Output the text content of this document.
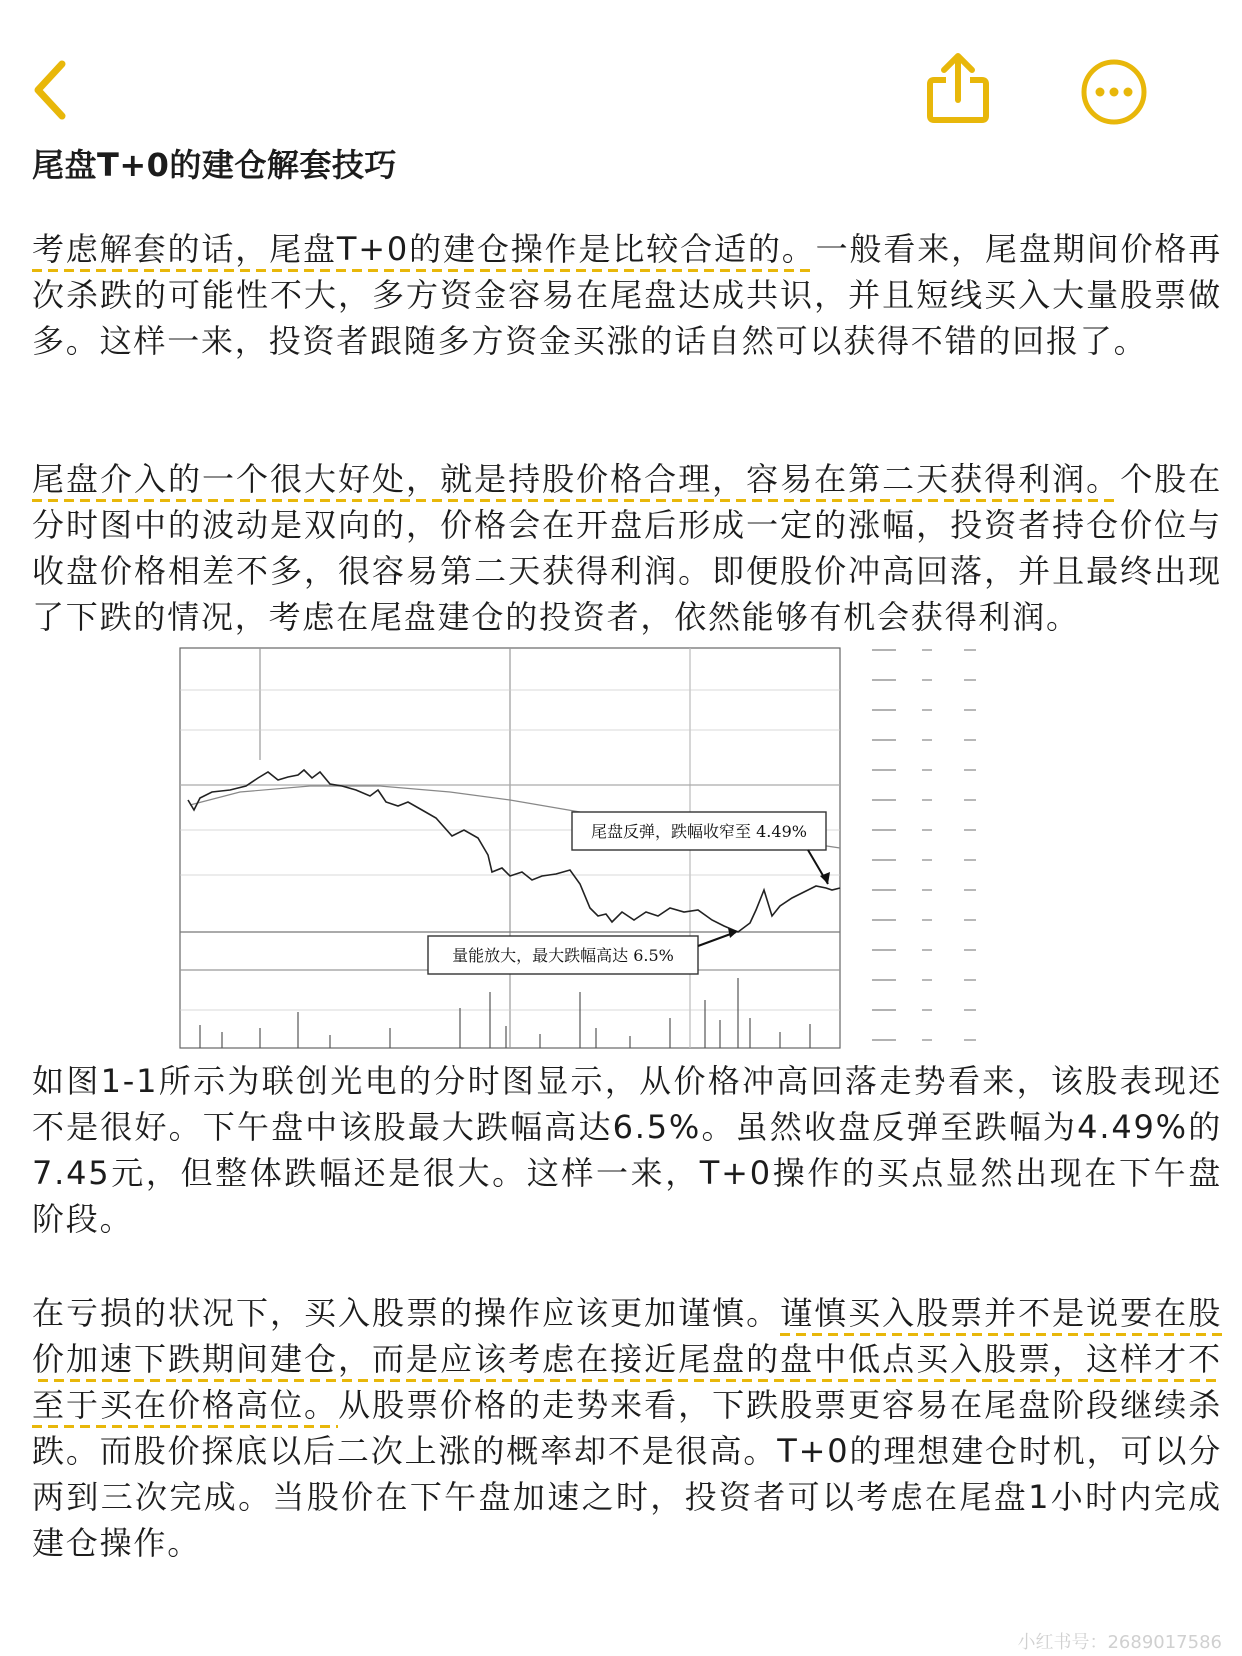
尾盘T+0的建仓解套技巧

考虑解套的话，尾盘T+0的建仓操作是比较合适的。一般看来，尾盘期间价格再次杀跌的可能性不大，多方资金容易在尾盘达成共识，并且短线买入大量股票做多。这样一来，投资者跟随多方资金买涨的话自然可以获得不错的回报了。

尾盘介入的一个很大好处，就是持股价格合理，容易在第二天获得利润。个股在分时图中的波动是双向的，价格会在开盘后形成一定的涨幅，投资者持仓价位与收盘价格相差不多，很容易第二天获得利润。即便股价冲高回落，并且最终出现了下跌的情况，考虑在尾盘建仓的投资者，依然能够有机会获得利润。

尾盘反弹，跌幅收窄至 4.49%
量能放大，最大跌幅高达 6.5%

如图1-1所示为联创光电的分时图显示，从价格冲高回落走势看来，该股表现还不是很好。下午盘中该股最大跌幅高达6.5%。虽然收盘反弹至跌幅为4.49%的7.45元，但整体跌幅还是很大。这样一来，T+0操作的买点显然出现在下午盘阶段。

在亏损的状况下，买入股票的操作应该更加谨慎。谨慎买入股票并不是说要在股价加速下跌期间建仓，而是应该考虑在接近尾盘的盘中低点买入股票，这样才不至于买在价格高位。从股票价格的走势来看，下跌股票更容易在尾盘阶段继续杀跌。而股价探底以后二次上涨的概率却不是很高。T+0的理想建仓时机，可以分两到三次完成。当股价在下午盘加速之时，投资者可以考虑在尾盘1小时内完成建仓操作。

小红书号：2689017586
